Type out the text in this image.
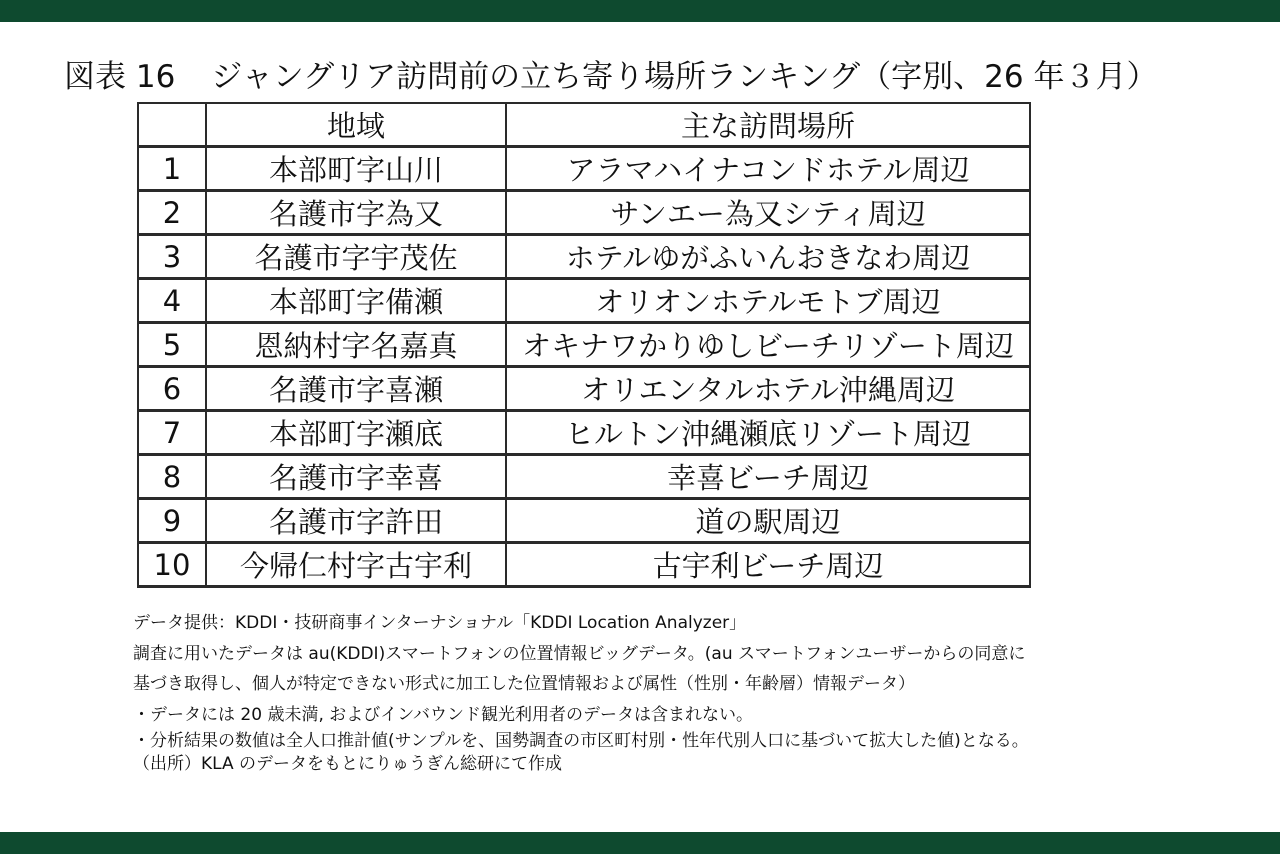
図表 16 ジャングリア訪問前の立ち寄り場所ランキング（字別、26 年３月）
	地域	主な訪問場所
1	本部町字山川	アラマハイナコンドホテル周辺
2	名護市字為又	サンエー為又シティ周辺
3	名護市字宇茂佐	ホテルゆがふいんおきなわ周辺
4	本部町字備瀬	オリオンホテルモトブ周辺
5	恩納村字名嘉真	オキナワかりゆしビーチリゾート周辺
6	名護市字喜瀬	オリエンタルホテル沖縄周辺
7	本部町字瀬底	ヒルトン沖縄瀬底リゾート周辺
8	名護市字幸喜	幸喜ビーチ周辺
9	名護市字許田	道の駅周辺
10	今帰仁村字古宇利	古宇利ビーチ周辺
データ提供：KDDI・技研商事インターナショナル「KDDI Location Analyzer」
調査に用いたデータは au(KDDI)スマートフォンの位置情報ビッグデータ。(au スマートフォンユーザーからの同意に
基づき取得し、個人が特定できない形式に加工した位置情報および属性（性別・年齢層）情報データ）
・データには 20 歳未満, およびインバウンド観光利用者のデータは含まれない。
・分析結果の数値は全人口推計値(サンプルを、国勢調査の市区町村別・性年代別人口に基づいて拡大した値)となる。
（出所）KLA のデータをもとにりゅうぎん総研にて作成
